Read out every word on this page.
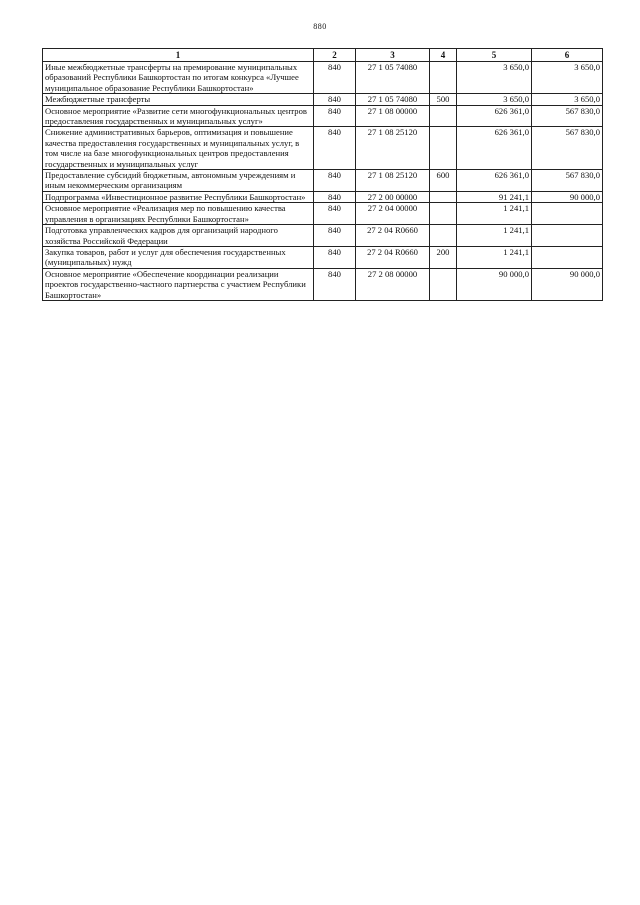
880
1	2	3	4	5	6
Иные межбюджетные трансферты на премирование муниципальных образований Республики Башкортостан по итогам конкурса «Лучшее муниципальное образование Республики Башкортостан»	840	27 1 05 74080		3 650,0	3 650,0
Межбюджетные трансферты	840	27 1 05 74080	500	3 650,0	3 650,0
Основное мероприятие «Развитие сети многофункциональных центров предоставления государственных и муниципальных услуг»	840	27 1 08 00000		626 361,0	567 830,0
Снижение административных барьеров, оптимизация и повышение качества предоставления государственных и муниципальных услуг, в том числе на базе многофункциональных центров предоставления государственных и муниципальных услуг	840	27 1 08 25120		626 361,0	567 830,0
Предоставление субсидий бюджетным, автономным учреждениям и иным некоммерческим организациям	840	27 1 08 25120	600	626 361,0	567 830,0
Подпрограмма «Инвестиционное развитие Республики Башкортостан»	840	27 2 00 00000		91 241,1	90 000,0
Основное мероприятие «Реализация мер по повышению качества управления в организациях Республики Башкортостан»	840	27 2 04 00000		1 241,1	
Подготовка управленческих кадров для организаций народного хозяйства Российской Федерации	840	27 2 04 R0660		1 241,1	
Закупка товаров, работ и услуг для обеспечения государственных (муниципальных) нужд	840	27 2 04 R0660	200	1 241,1	
Основное мероприятие «Обеспечение координации реализации проектов государственно-частного партнерства с участием Республики Башкортостан»	840	27 2 08 00000		90 000,0	90 000,0
